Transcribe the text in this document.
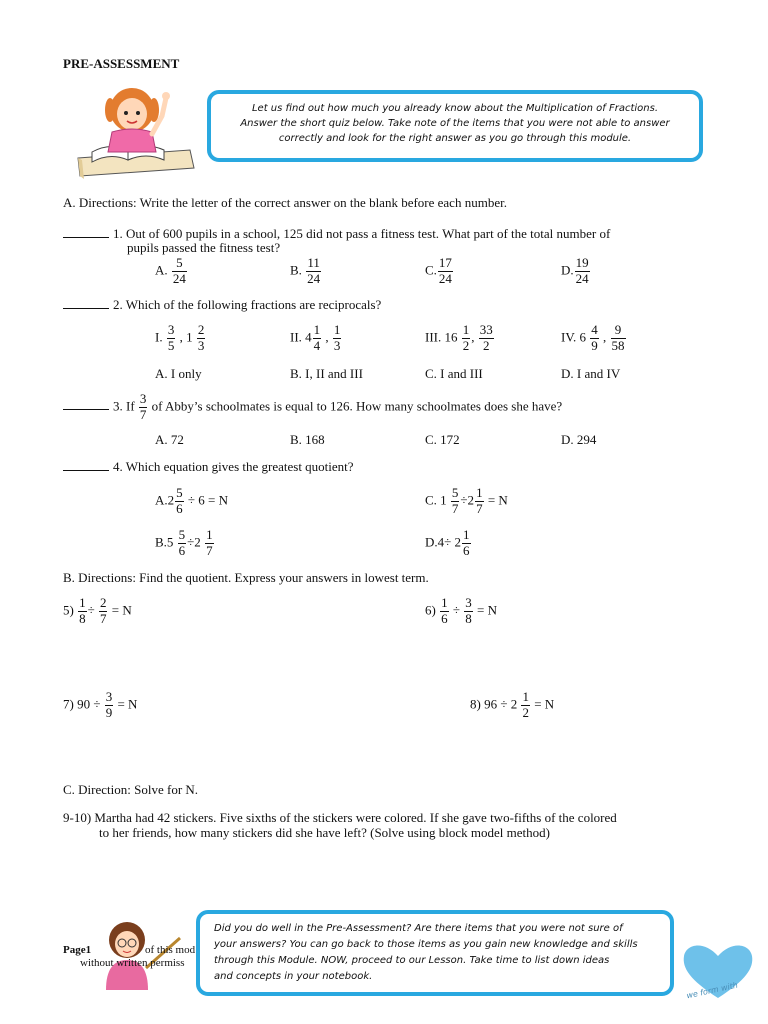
PRE-ASSESSMENT
Let us find out how much you already know about the Multiplication of Fractions.
Answer the short quiz below. Take note of the items that you were not able to answer
correctly and look for the right answer as you go through this module.
A. Directions: Write the letter of the correct answer on the blank before each number.
1. Out of 600 pupils in a school, 125 did not pass a fitness test. What part of the total number of
pupils passed the fitness test?
A. $\frac{5}{24}$	B. $\frac{11}{24}$	C. $\frac{17}{24}$	D. $\frac{19}{24}$
2. Which of the following fractions are reciprocals?
I. $\frac{3}{5}$ , $1 \frac{2}{3}$	II. $4 \frac{1}{4}$ , $\frac{1}{3}$	III. $16 \frac{1}{2}$ , $\frac{33}{2}$	IV. $6 \frac{4}{9}$ , $\frac{9}{58}$
A. I only	B. I, II and III	C. I and III	D. I and IV
3. If $\frac{3}{7}$ of Abby’s schoolmates is equal to 126. How many schoolmates does she have?
A. 72	B. 168	C. 172	D. 294
4. Which equation gives the greatest quotient?
$A.2 \frac{5}{6} \div 6 = N$	C. $1 \frac{5}{7} \div 2 \frac{1}{7} = N$
$B.5 \frac{5}{6} \div 2 \frac{1}{7}$	$D.4\div 2 \frac{1}{6}$
B. Directions: Find the quotient. Express your answers in lowest term.
$5) \frac{1}{8} \div \frac{2}{7} = N$	$6) \frac{1}{6} \div \frac{3}{8} = N$
7) $90 \div \frac{3}{9} = N$	8) $96 \div 2 \frac{1}{2} = N$
C. Direction: Solve for N.
9-10) Martha had 42 stickers. Five sixths of the stickers were colored. If she gave two-fifths of the colored
to her friends, how many stickers did she have left? (Solve using block model method)
Page1	of this mod
without written permiss
Did you do well in the Pre-Assessment? Are there items that you were not sure of
your answers? You can go back to those items as you gain new knowledge and skills
through this Module. NOW, proceed to our Lesson. Take time to list down ideas
and concepts in your notebook.
we form with
